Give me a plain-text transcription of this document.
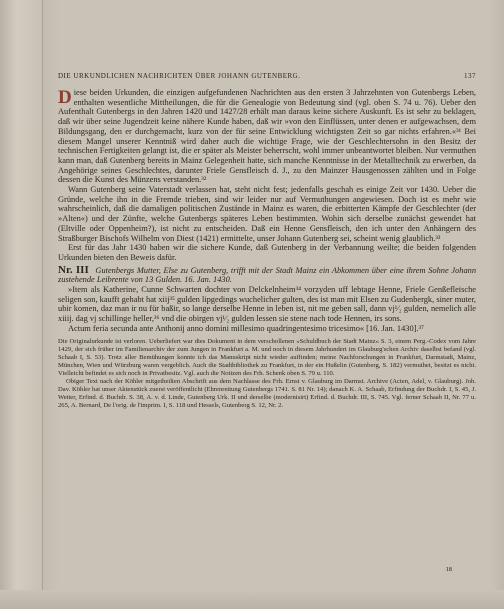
DIE URKUNDLICHEN NACHRICHTEN ÜBER JOHANN GUTENBERG.	137

D iese beiden Urkunden, die einzigen aufgefundenen Nachrichten aus den ersten 3 Jahrzehnten von Gutenbergs Leben, enthalten wesentliche Mittheilungen, die für die Genealogie von Bedeutung sind (vgl. oben S. 74 u. 76). Ueber den Aufenthalt Gutenbergs in den Jahren 1420 und 1427/28 erhält man daraus keine sichere Auskunft. Es ist sehr zu beklagen, daß wir über seine Jugendzeit keine nähere Kunde haben, daß wir »von den Einflüssen, unter denen er aufgewachsen, dem Bildungsgang, den er durchgemacht, kurz von der für seine Entwicklung wichtigsten Zeit so gar nichts erfahren.«³¹ Bei diesem Mangel unserer Kenntniß wird daher auch die wichtige Frage, wie der Geschlechtersohn in den Besitz der technischen Fertigkeiten gelangt ist, die er später als Meister beherrscht, wohl immer unbeantwortet bleiben. Nur vermuthen kann man, daß Gutenberg bereits in Mainz Gelegenheit hatte, sich manche Kenntnisse in der Metalltechnik zu erwerben, da Angehörige seines Geschlechtes, darunter Friele Gensfleisch d. J., zu den Mainzer Hausgenossen zählten und in Folge dessen die Kunst des Münzens verstanden.³²

Wann Gutenberg seine Vaterstadt verlassen hat, steht nicht fest; jedenfalls geschah es einige Zeit vor 1430. Ueber die Gründe, welche ihn in die Fremde trieben, sind wir leider nur auf Vermuthungen angewiesen. Doch ist es mehr wie wahrscheinlich, daß die damaligen politischen Zustände in Mainz es waren, die erbitterten Kämpfe der Geschlechter (der »Alten«) und der Zünfte, welche Gutenbergs späteres Leben bestimmten. Wohin sich derselbe zunächst gewendet hat (Eltville oder Oppenheim?), ist nicht zu entscheiden. Daß ein Henne Gensfleisch, den ich unter den Anhängern des Straßburger Bischofs Wilhelm von Diest (1421) ermittelte, unser Johann Gutenberg sei, scheint wenig glaublich.³³

Erst für das Jahr 1430 haben wir die sichere Kunde, daß Gutenberg in der Verbannung weilte; die beiden folgenden Urkunden bieten den Beweis dafür.

Nr. III Gutenbergs Mutter, Else zu Gutenberg, trifft mit der Stadt Mainz ein Abkommen über eine ihrem Sohne Johann zustehende Leibrente von 13 Gulden. 16. Jan. 1430.

»Item als Katherine, Cunne Schwarten dochter von Delckelnheim³⁴ vorzyden uff lebtage Henne, Friele Genßefleische seligen son, kaufft gehabt hat xiij³⁵ gulden lipgedings wuchelicher gulten, des ist man mit Elsen zu Gudenbergk, siner muter, ubir komen, daz man ir nu für baßir, so lange derselbe Henne in leben ist, nit me geben sall, dann vj¹⁄₂ gulden, nemelich alle xiiij. dag vj schillinge heller,³⁶ vnd die obirgen vj¹⁄₂ gulden lessen sie stene nach tode Hennen, irs sons.

Actum feria secunda ante Anthonij anno domini millesimo quadringentesimo tricesimo« [16. Jan. 1430].³⁷

Die Originalurkunde ist verloren. Ueberliefert war dies Dokument in dem verschollenen »Schuldbuch der Stadt Mainz« S. 3, einem Perg.-Codex vom Jahre 1429, der sich früher im Familienarchiv der zum Jungen in Frankfurt a. M. und noch in diesem Jahrhundert im Glauburg'schen Archiv daselbst befand (vgl. Schaab I, S. 53). Trotz aller Bemühungen konnte ich das Manuskript nicht wieder auffinden; meine Nachforschungen in Frankfurt, Darmstadt, Mainz, München, Wien und Würzburg waren vergeblich. Auch die Stadtbibliothek zu Frankfurt, in der ein Hußelin (Gutenberg, S. 182) vermuthet, besitzt es nicht. Vielleicht befindet es sich noch in Privatbesitz. Vgl. auch die Notizen des Frh. Schenk oben S. 79 u. 110.

Obiger Text nach der Köhler mitgetheilten Abschrift aus dem Nachlasse des Frh. Ernst v. Glauburg im Darmst. Archive (Acten, Adel, v. Glauburg). Joh. Dav. Köhler hat unser Aktenstück zuerst veröffentlicht (Ehrenrettung Gutenbergs 1741. S. 81 Nr. 14); danach K. A. Schaab, Erfindung der Buchdr. I, S. 45, J. Wetter, Erfind. d. Buchdr. S. 38, A. v. d. Linde, Gutenberg Urk. II und derselbe (modernisirt) Erfind. d. Buchdr. III, S. 745. Vgl. ferner Schaab II, Nr. 77 u. 265, A. Bernard, De l'orig. de l'imprim. I, S. 118 und Hessels, Gutenberg S. 12, Nr. 2.

18
